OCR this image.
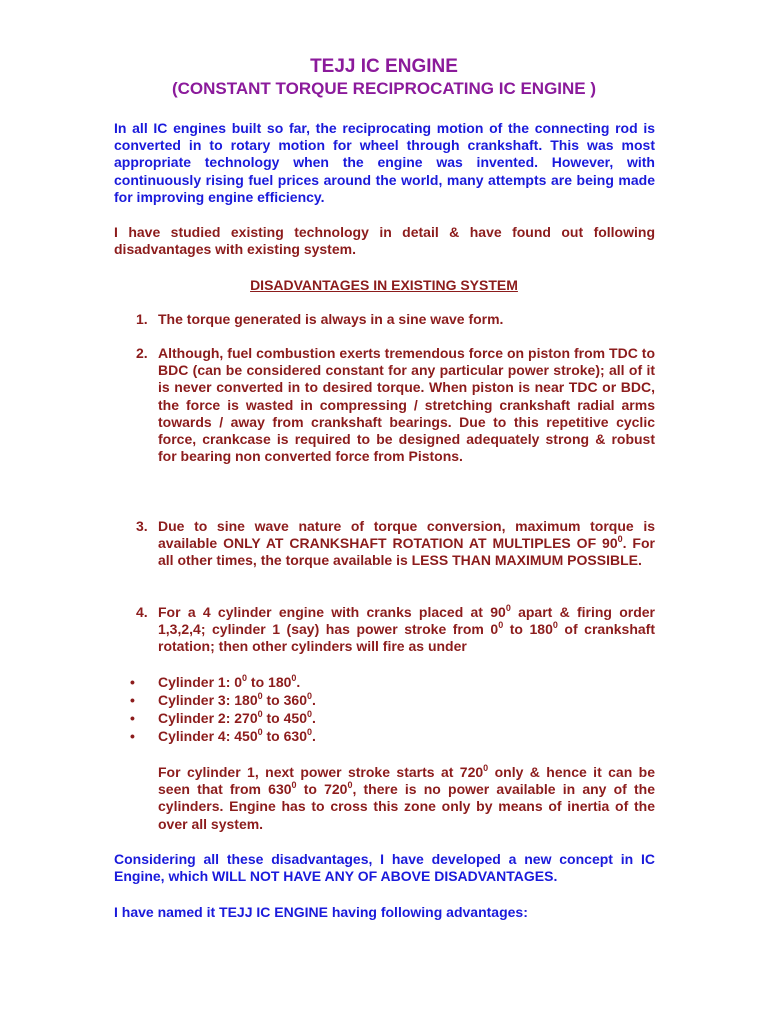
TEJJ IC ENGINE
(CONSTANT TORQUE RECIPROCATING IC ENGINE )

In all IC engines built so far, the reciprocating motion of the connecting rod is converted in to rotary motion for wheel through crankshaft. This was most appropriate technology when the engine was invented. However, with continuously rising fuel prices around the world, many attempts are being made for improving engine efficiency.

I have studied existing technology in detail & have found out following disadvantages with existing system.

DISADVANTAGES IN EXISTING SYSTEM
1. The torque generated is always in a sine wave form.

2. Although, fuel combustion exerts tremendous force on piston from TDC to BDC (can be considered constant for any particular power stroke); all of it is never converted in to desired torque. When piston is near TDC or BDC, the force is wasted in compressing / stretching crankshaft radial arms towards / away from crankshaft bearings. Due to this repetitive cyclic force, crankcase is required to be designed adequately strong & robust for bearing non converted force from Pistons.

3. Due to sine wave nature of torque conversion, maximum torque is available ONLY AT CRANKSHAFT ROTATION AT MULTIPLES OF $90^0$. For all other times, the torque available is LESS THAN MAXIMUM POSSIBLE.

4. For a 4 cylinder engine with cranks placed at $90^0$ apart & firing order 1,3,2,4; cylinder 1 (say) has power stroke from $0^0$ to $180^0$ of crankshaft rotation; then other cylinders will fire as under

• Cylinder 1: $0^0$ to $180^0$.
• Cylinder 3: $180^0$ to $360^0$.
• Cylinder 2: $270^0$ to $450^0$.
• Cylinder 4: $450^0$ to $630^0$.

For cylinder 1, next power stroke starts at $720^0$ only & hence it can be seen that from $630^0$ to $720^0$, there is no power available in any of the cylinders. Engine has to cross this zone only by means of inertia of the over all system.

Considering all these disadvantages, I have developed a new concept in IC Engine, which WILL NOT HAVE ANY OF ABOVE DISADVANTAGES.

I have named it TEJJ IC ENGINE having following advantages:
